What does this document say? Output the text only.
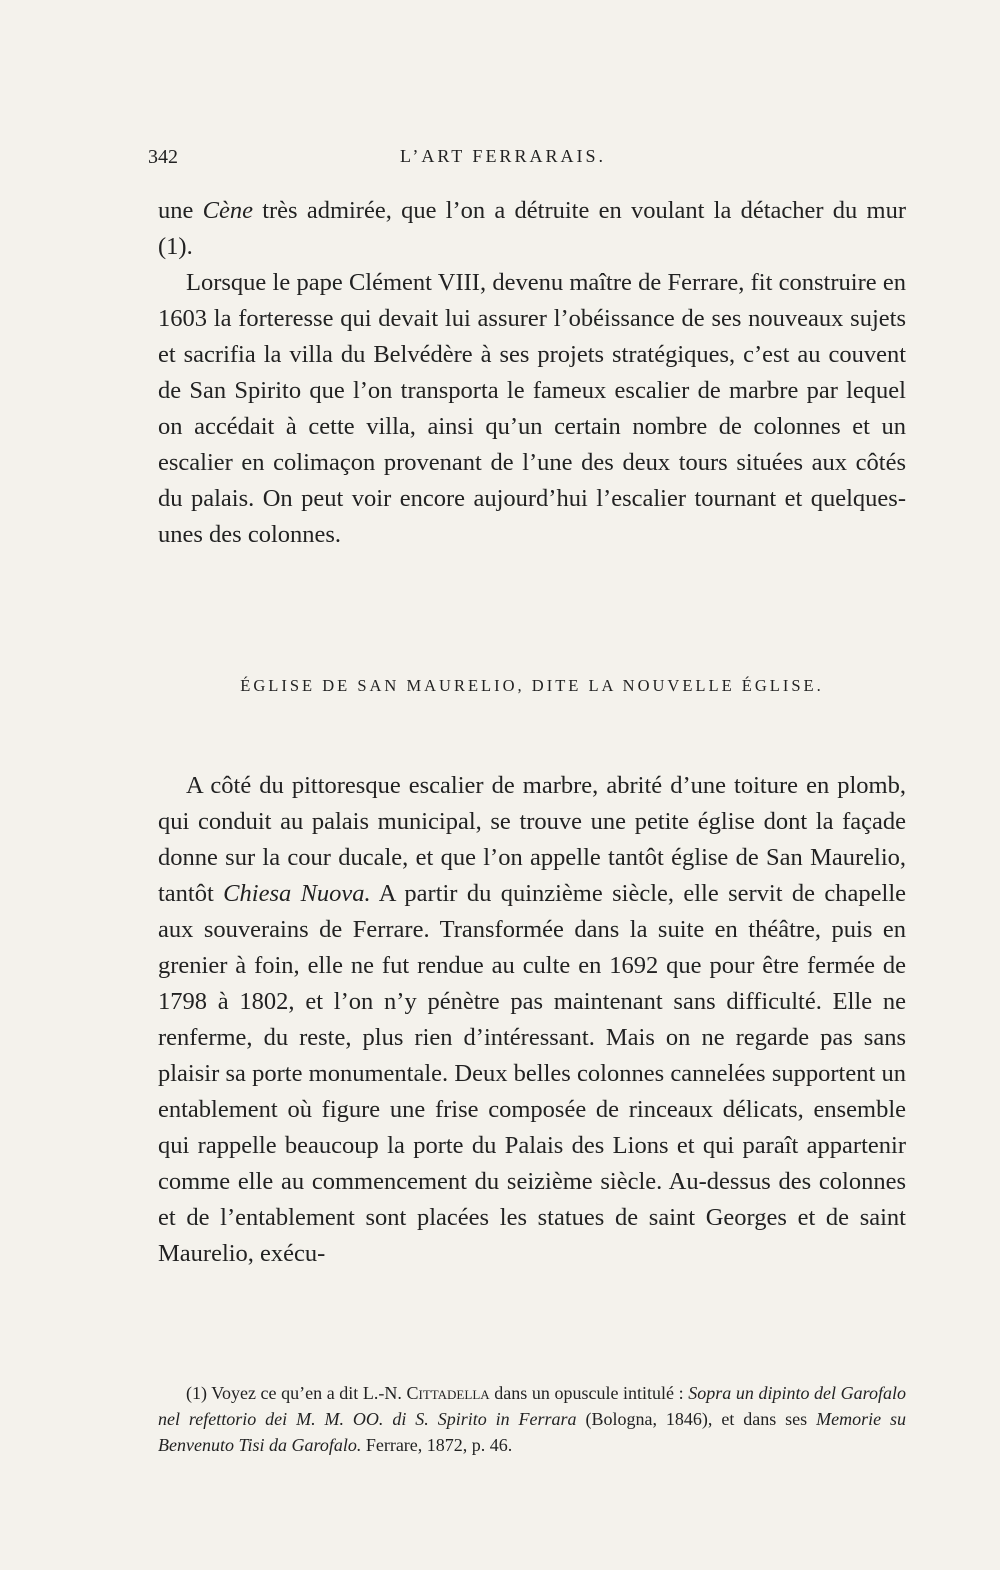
342	L’ART FERRARAIS.

une Cène très admirée, que l’on a détruite en voulant la détacher du mur (1).

Lorsque le pape Clément VIII, devenu maître de Ferrare, fit construire en 1603 la forteresse qui devait lui assurer l’obéissance de ses nouveaux sujets et sacrifia la villa du Belvédère à ses projets stratégiques, c’est au couvent de San Spirito que l’on transporta le fameux escalier de marbre par lequel on accédait à cette villa, ainsi qu’un certain nombre de colonnes et un escalier en colimaçon provenant de l’une des deux tours situées aux côtés du palais. On peut voir encore aujourd’hui l’escalier tournant et quelques-unes des colonnes.

ÉGLISE DE SAN MAURELIO, DITE LA NOUVELLE ÉGLISE.

A côté du pittoresque escalier de marbre, abrité d’une toiture en plomb, qui conduit au palais municipal, se trouve une petite église dont la façade donne sur la cour ducale, et que l’on appelle tantôt église de San Maurelio, tantôt Chiesa Nuova. A partir du quinzième siècle, elle servit de chapelle aux souverains de Ferrare. Transformée dans la suite en théâtre, puis en grenier à foin, elle ne fut rendue au culte en 1692 que pour être fermée de 1798 à 1802, et l’on n’y pénètre pas maintenant sans difficulté. Elle ne renferme, du reste, plus rien d’intéressant. Mais on ne regarde pas sans plaisir sa porte monumentale. Deux belles colonnes cannelées supportent un entablement où figure une frise composée de rinceaux délicats, ensemble qui rappelle beaucoup la porte du Palais des Lions et qui paraît appartenir comme elle au commencement du seizième siècle. Au-dessus des colonnes et de l’entablement sont placées les statues de saint Georges et de saint Maurelio, exécu-

(1) Voyez ce qu’en a dit L.-N. Cittadella dans un opuscule intitulé : Sopra un dipinto del Garofalo nel refettorio dei M. M. OO. di S. Spirito in Ferrara (Bologna, 1846), et dans ses Memorie su Benvenuto Tisi da Garofalo. Ferrare, 1872, p. 46.
